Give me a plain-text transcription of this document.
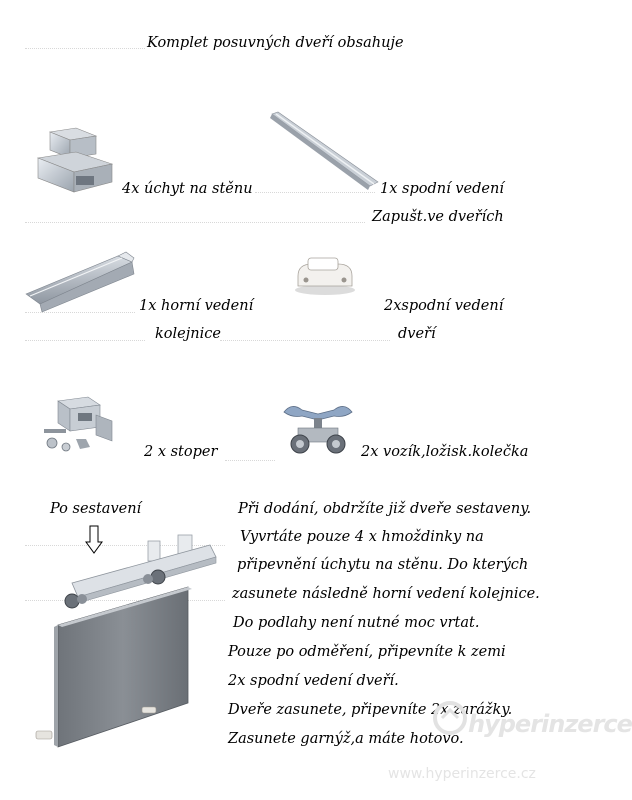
Komplet posuvných dveří obsahuje
4x úchyt na stěnu	1x spodní vedení
Zapušt.ve dveřích
1x horní vedení
kolejnice
2xspodní vedení
dveří
2 x stoper	2x vozík,ložisk.kolečka
Po sestavení	Při dodání, obdržíte již dveře sestaveny.
Vyvrtáte pouze 4 x hmoždinky na
připevnění úchytu na stěnu. Do kterých
zasunete následně horní vedení kolejnice.
Do podlahy není nutné moc vrtat.
Pouze po odměření, připevníte k zemi
2x spodní vedení dveří.
Dveře zasunete, připevníte 2x zarážky.
Zasunete garnýž,a máte hotovo.
hyperinzerce
www.hyperinzerce.cz
